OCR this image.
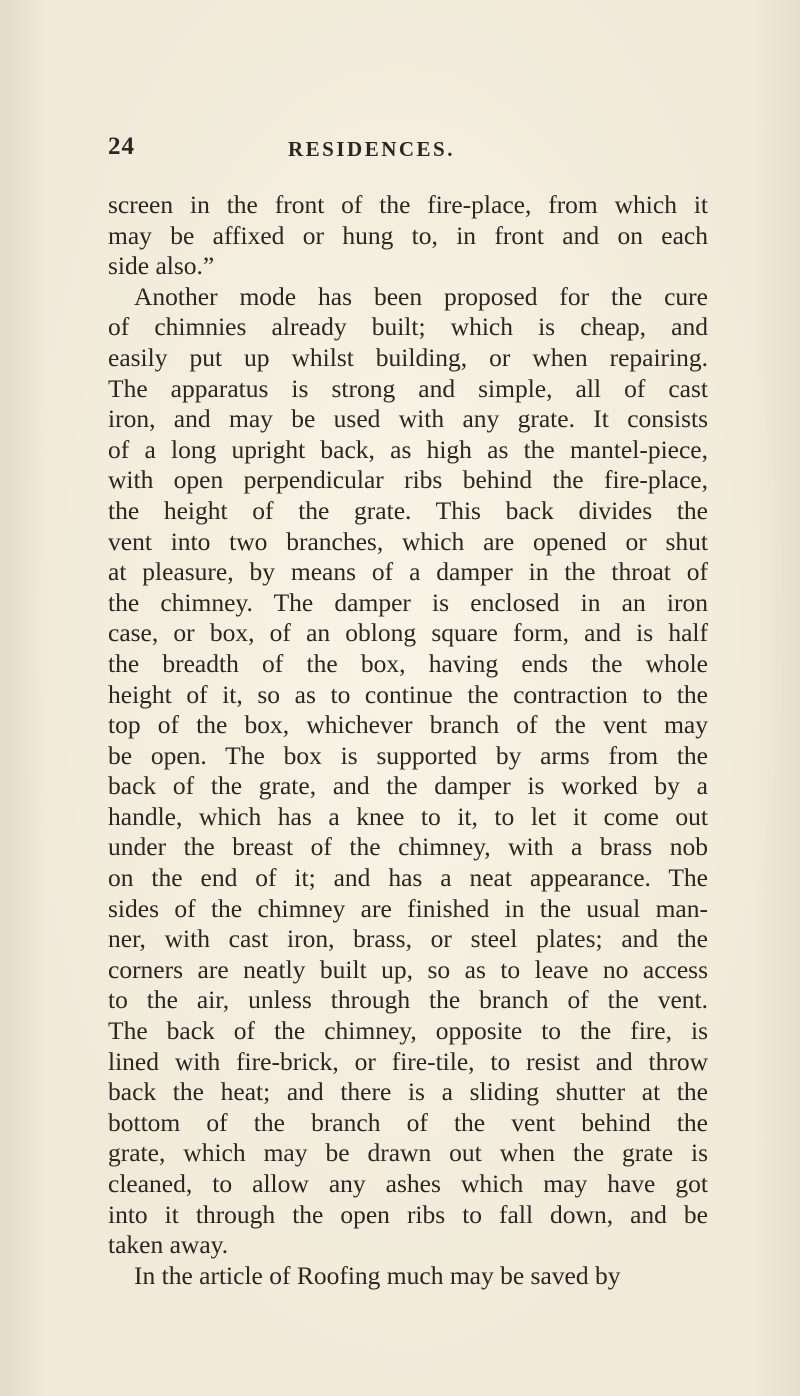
24	RESIDENCES.
screen in the front of the fire-place, from which it
may be affixed or hung to, in front and on each
side also.”
Another mode has been proposed for the cure
of chimnies already built; which is cheap, and
easily put up whilst building, or when repairing.
The apparatus is strong and simple, all of cast
iron, and may be used with any grate. It consists
of a long upright back, as high as the mantel-piece,
with open perpendicular ribs behind the fire-place,
the height of the grate. This back divides the
vent into two branches, which are opened or shut
at pleasure, by means of a damper in the throat of
the chimney. The damper is enclosed in an iron
case, or box, of an oblong square form, and is half
the breadth of the box, having ends the whole
height of it, so as to continue the contraction to the
top of the box, whichever branch of the vent may
be open. The box is supported by arms from the
back of the grate, and the damper is worked by a
handle, which has a knee to it, to let it come out
under the breast of the chimney, with a brass nob
on the end of it; and has a neat appearance. The
sides of the chimney are finished in the usual man-
ner, with cast iron, brass, or steel plates; and the
corners are neatly built up, so as to leave no access
to the air, unless through the branch of the vent.
The back of the chimney, opposite to the fire, is
lined with fire-brick, or fire-tile, to resist and throw
back the heat; and there is a sliding shutter at the
bottom of the branch of the vent behind the
grate, which may be drawn out when the grate is
cleaned, to allow any ashes which may have got
into it through the open ribs to fall down, and be
taken away.
In the article of Roofing much may be saved by
